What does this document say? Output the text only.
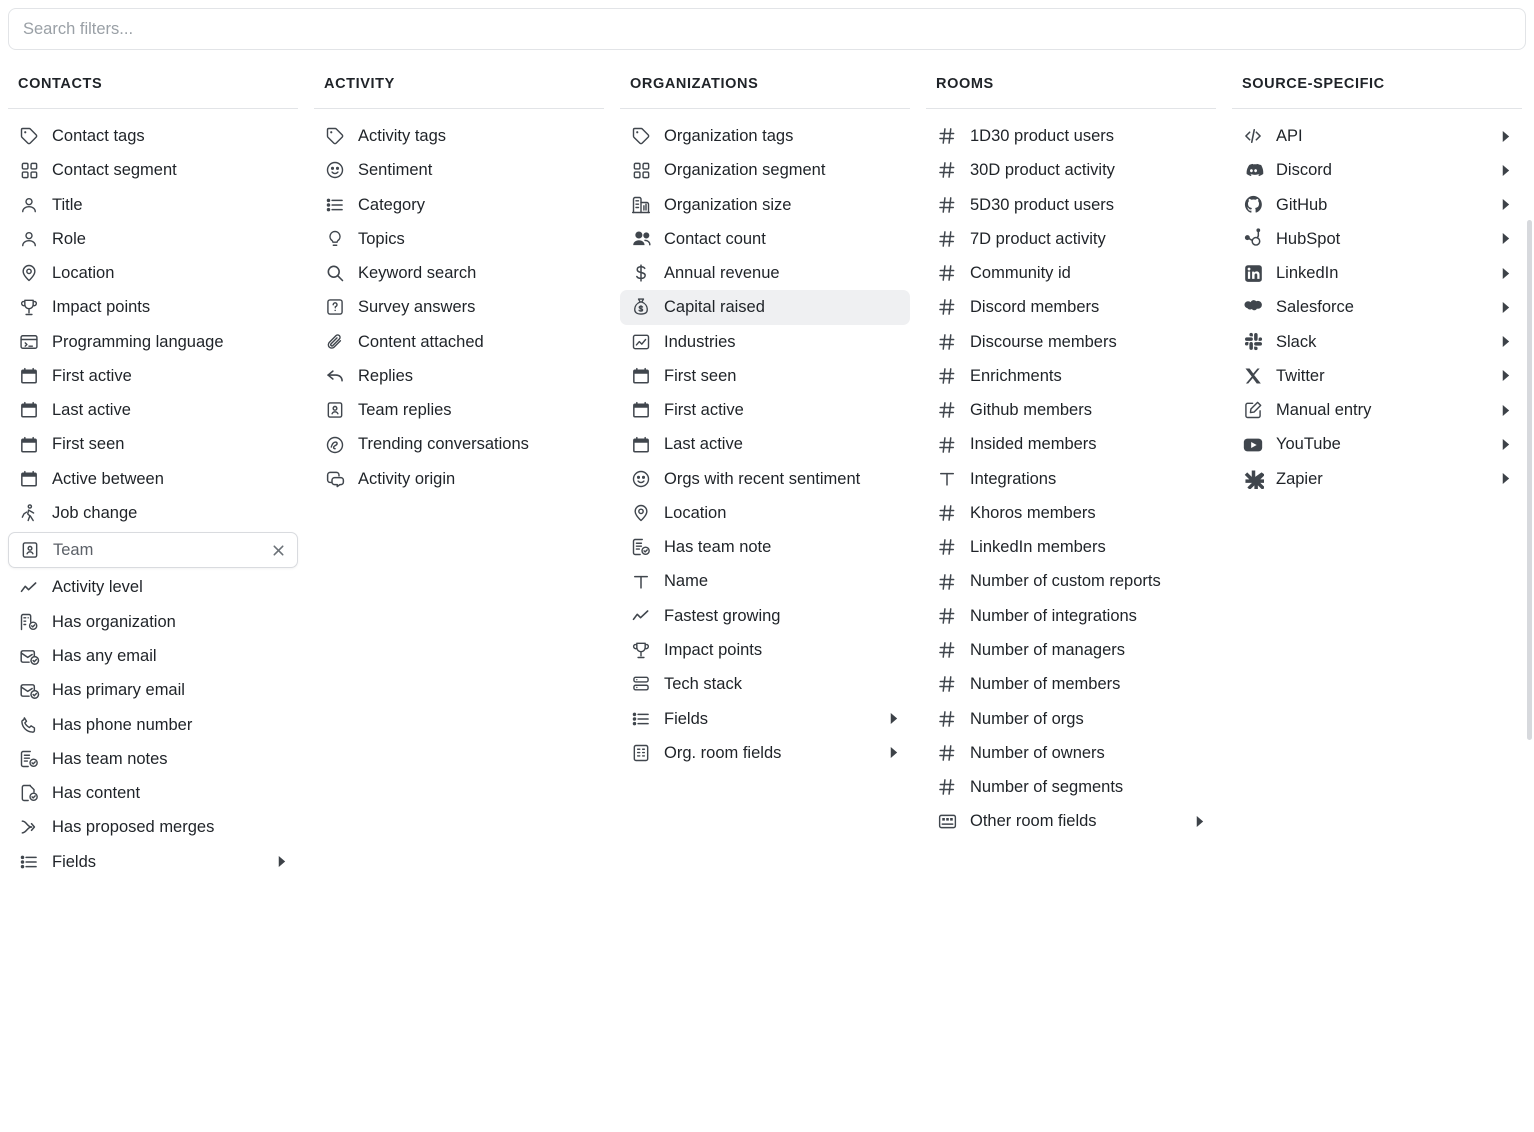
Search filters...
CONTACTS
Contact tags
Contact segment
Title
Role
Location
Impact points
Programming language
First active
Last active
First seen
Active between
Job change
Team
Activity level
Has organization
Has any email
Has primary email
Has phone number
Has team notes
Has content
Has proposed merges
Fields
ACTIVITY
Activity tags
Sentiment
Category
Topics
Keyword search
Survey answers
Content attached
Replies
Team replies
Trending conversations
Activity origin
ORGANIZATIONS
Organization tags
Organization segment
Organization size
Contact count
Annual revenue
Capital raised
Industries
First seen
First active
Last active
Orgs with recent sentiment
Location
Has team note
Name
Fastest growing
Impact points
Tech stack
Fields
Org. room fields
ROOMS
1D30 product users
30D product activity
5D30 product users
7D product activity
Community id
Discord members
Discourse members
Enrichments
Github members
Insided members
Integrations
Khoros members
LinkedIn members
Number of custom reports
Number of integrations
Number of managers
Number of members
Number of orgs
Number of owners
Number of segments
Other room fields
SOURCE-SPECIFIC
API
Discord
GitHub
HubSpot
LinkedIn
Salesforce
Slack
Twitter
Manual entry
YouTube
Zapier
